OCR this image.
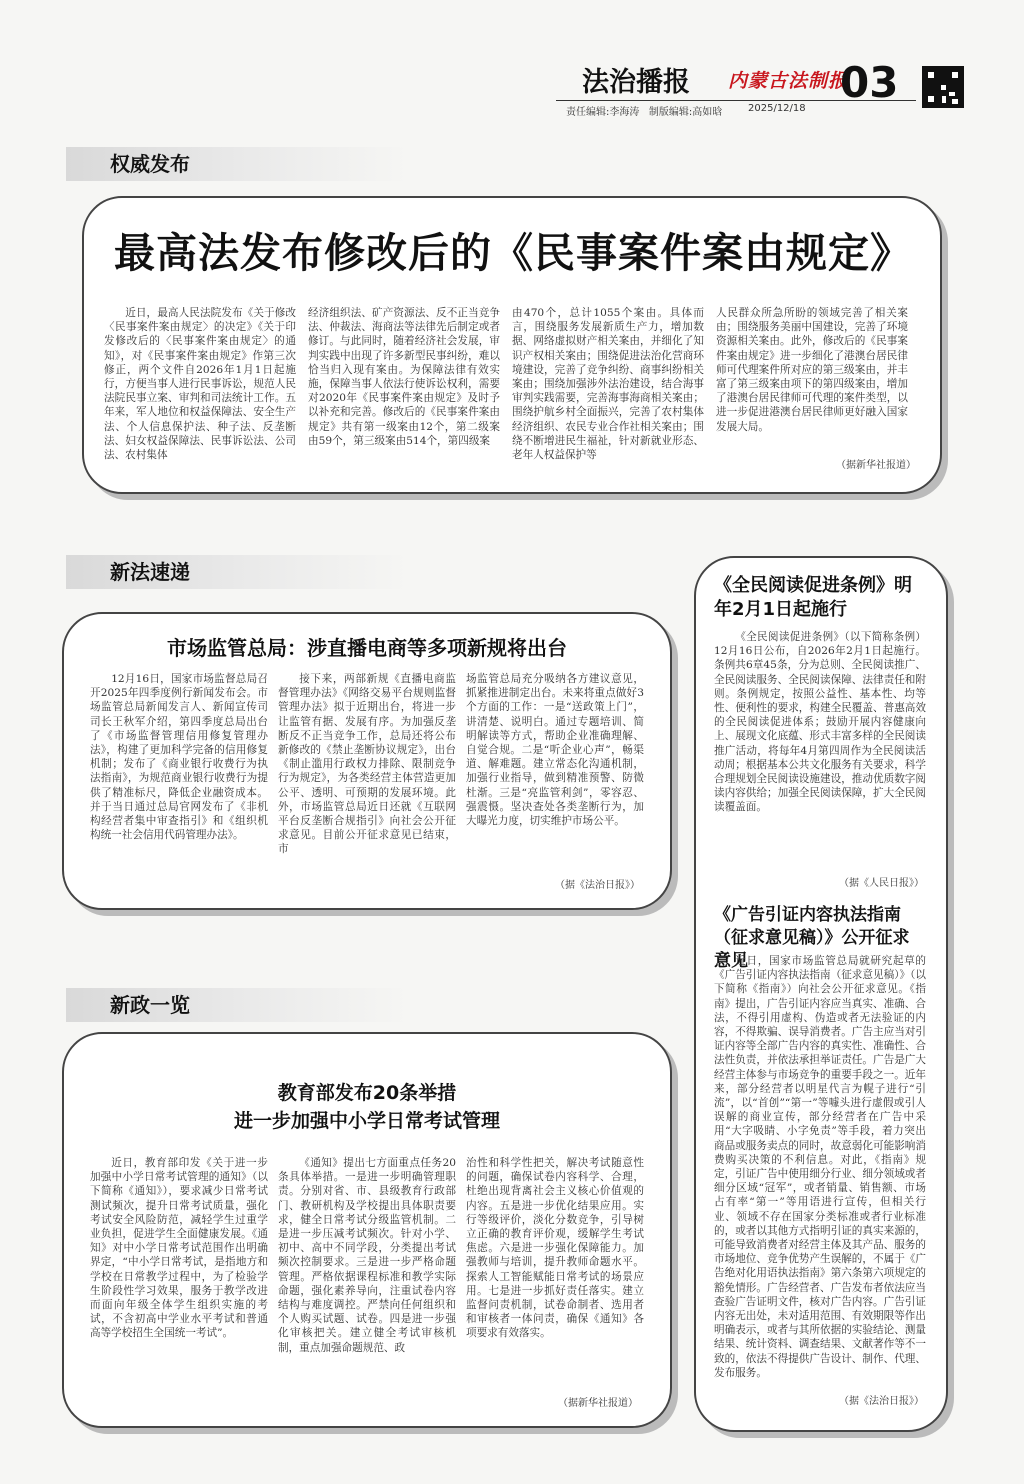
法治播报 内蒙古法制报
03
责任编辑:李海涛   制版编辑:高如晗	2025/12/18
权威发布
最高法发布修改后的《民事案件案由规定》

近日，最高人民法院发布《关于修改〈民事案件案由规定〉的决定》《关于印发修改后的〈民事案件案由规定〉的通知》，对《民事案件案由规定》作第三次修正，两个文件自2026年1月1日起施行，方便当事人进行民事诉讼，规范人民法院民事立案、审判和司法统计工作。五年来，军人地位和权益保障法、安全生产法、个人信息保护法、种子法、反垄断法、妇女权益保障法、民事诉讼法、公司法、农村集体

经济组织法、矿产资源法、反不正当竞争法、仲裁法、海商法等法律先后制定或者修订。与此同时，随着经济社会发展，审判实践中出现了许多新型民事纠纷，难以恰当归入现有案由。为保障法律有效实施，保障当事人依法行使诉讼权利，需要对2020年《民事案件案由规定》及时予以补充和完善。修改后的《民事案件案由规定》共有第一级案由12个，第二级案由59个，第三级案由514个，第四级案

由470个，总计1055个案由。具体而言，围绕服务发展新质生产力，增加数据、网络虚拟财产相关案由，并细化了知识产权相关案由；围绕促进法治化营商环境建设，完善了竞争纠纷、商事纠纷相关案由；围绕加强涉外法治建设，结合海事审判实践需要，完善海事海商相关案由；围绕护航乡村全面振兴，完善了农村集体经济组织、农民专业合作社相关案由；围绕不断增进民生福祉，针对新就业形态、老年人权益保护等

人民群众所急所盼的领域完善了相关案由；围绕服务美丽中国建设，完善了环境资源相关案由。此外，修改后的《民事案件案由规定》进一步细化了港澳台居民律师可代理案件所对应的第三级案由，并丰富了第三级案由项下的第四级案由，增加了港澳台居民律师可代理的案件类型，以进一步促进港澳台居民律师更好融入国家发展大局。

（据新华社报道）
新法速递
市场监管总局：涉直播电商等多项新规将出台

12月16日，国家市场监督总局召开2025年四季度例行新闻发布会。市场监管总局新闻发言人、新闻宣传司司长王秋军介绍，第四季度总局出台了《市场监督管理信用修复管理办法》，构建了更加科学完备的信用修复机制；发布了《商业银行收费行为执法指南》，为规范商业银行收费行为提供了精准标尺，降低企业融资成本。并于当日通过总局官网发布了《非机构经营者集中审查指引》和《组织机构统一社会信用代码管理办法》。

接下来，两部新规《直播电商监督管理办法》《网络交易平台规则监督管理办法》拟于近期出台，将进一步让监管有据、发展有序。为加强反垄断反不正当竞争工作，总局还将公布新修改的《禁止垄断协议规定》，出台《制止滥用行政权力排除、限制竞争行为规定》，为各类经营主体营造更加公平、透明、可预期的发展环境。此外，市场监管总局近日还就《互联网平台反垄断合规指引》向社会公开征求意见。目前公开征求意见已结束，市

场监管总局充分吸纳各方建议意见，抓紧推进制定出台。未来将重点做好3个方面的工作：一是“送政策上门”，讲清楚、说明白。通过专题培训、简明解读等方式，帮助企业准确理解、自觉合规。二是“听企业心声”，畅渠道、解难题。建立常态化沟通机制，加强行业指导，做到精准预警、防微杜渐。三是“亮监管利剑”，零容忍、强震慑。坚决查处各类垄断行为，加大曝光力度，切实维护市场公平。

（据《法治日报》）
《全民阅读促进条例》明年2月1日起施行

《全民阅读促进条例》（以下简称条例）12月16日公布，自2026年2月1日起施行。条例共6章45条，分为总则、全民阅读推广、全民阅读服务、全民阅读保障、法律责任和附则。条例规定，按照公益性、基本性、均等性、便利性的要求，构建全民覆盖、普惠高效的全民阅读促进体系；鼓励开展内容健康向上、展现文化底蕴、形式丰富多样的全民阅读推广活动，将每年4月第四周作为全民阅读活动周；根据基本公共文化服务有关要求，科学合理规划全民阅读设施建设，推动优质数字阅读内容供给；加强全民阅读保障，扩大全民阅读覆盖面。

（据《人民日报》）
《广告引证内容执法指南（征求意见稿）》公开征求意见

近日，国家市场监管总局就研究起草的《广告引证内容执法指南（征求意见稿）》（以下简称《指南》）向社会公开征求意见。《指南》提出，广告引证内容应当真实、准确、合法，不得引用虚构、伪造或者无法验证的内容，不得欺骗、误导消费者。广告主应当对引证内容等全部广告内容的真实性、准确性、合法性负责，并依法承担举证责任。广告是广大经营主体参与市场竞争的重要手段之一。近年来，部分经营者以明星代言为幌子进行“引流”，以“首创”“第一”等噱头进行虚假或引人误解的商业宣传，部分经营者在广告中采用“大字吸睛、小字免责”等手段，着力突出商品或服务卖点的同时，故意弱化可能影响消费购买决策的不利信息。对此，《指南》规定，引证广告中使用细分行业、细分领域或者细分区域“冠军”，或者销量、销售额、市场占有率“第一”等用语进行宣传，但相关行业、领域不存在国家分类标准或者行业标准的，或者以其他方式指明引证的真实来源的，可能导致消费者对经营主体及其产品、服务的市场地位、竞争优势产生误解的，不属于《广告绝对化用语执法指南》第六条第六项规定的豁免情形。广告经营者、广告发布者依法应当查验广告证明文件，核对广告内容。广告引证内容无出处，未对适用范围、有效期限等作出明确表示，或者与其所依据的实验结论、测量结果、统计资料、调查结果、文献著作等不一致的，依法不得提供广告设计、制作、代理、发布服务。

（据《法治日报》）
新政一览
教育部发布20条举措
进一步加强中小学日常考试管理

近日，教育部印发《关于进一步加强中小学日常考试管理的通知》（以下简称《通知》），要求减少日常考试测试频次，提升日常考试质量，强化考试安全风险防范，减轻学生过重学业负担，促进学生全面健康发展。《通知》对中小学日常考试范围作出明确界定，“中小学日常考试，是指地方和学校在日常教学过程中，为了检验学生阶段性学习效果，服务于教学改进而面向年级全体学生组织实施的考试，不含初高中学业水平考试和普通高等学校招生全国统一考试”。

《通知》提出七方面重点任务20条具体举措。一是进一步明确管理职责。分别对省、市、县级教育行政部门、教研机构及学校提出具体职责要求，健全日常考试分级监管机制。二是进一步压减考试频次。针对小学、初中、高中不同学段，分类提出考试频次控制要求。三是进一步严格命题管理。严格依据课程标准和教学实际命题，强化素养导向，注重试卷内容结构与难度调控。严禁向任何组织和个人购买试题、试卷。四是进一步强化审核把关。建立健全考试审核机制，重点加强命题规范、政

治性和科学性把关，解决考试随意性的问题，确保试卷内容科学、合理，杜绝出现背离社会主义核心价值观的内容。五是进一步优化结果应用。实行等级评价，淡化分数竞争，引导树立正确的教育评价观，缓解学生考试焦虑。六是进一步强化保障能力。加强教师与培训，提升教师命题水平。探索人工智能赋能日常考试的场景应用。七是进一步抓好责任落实。建立监督问责机制，试卷命制者、选用者和审核者一体问责，确保《通知》各项要求有效落实。

（据新华社报道）
